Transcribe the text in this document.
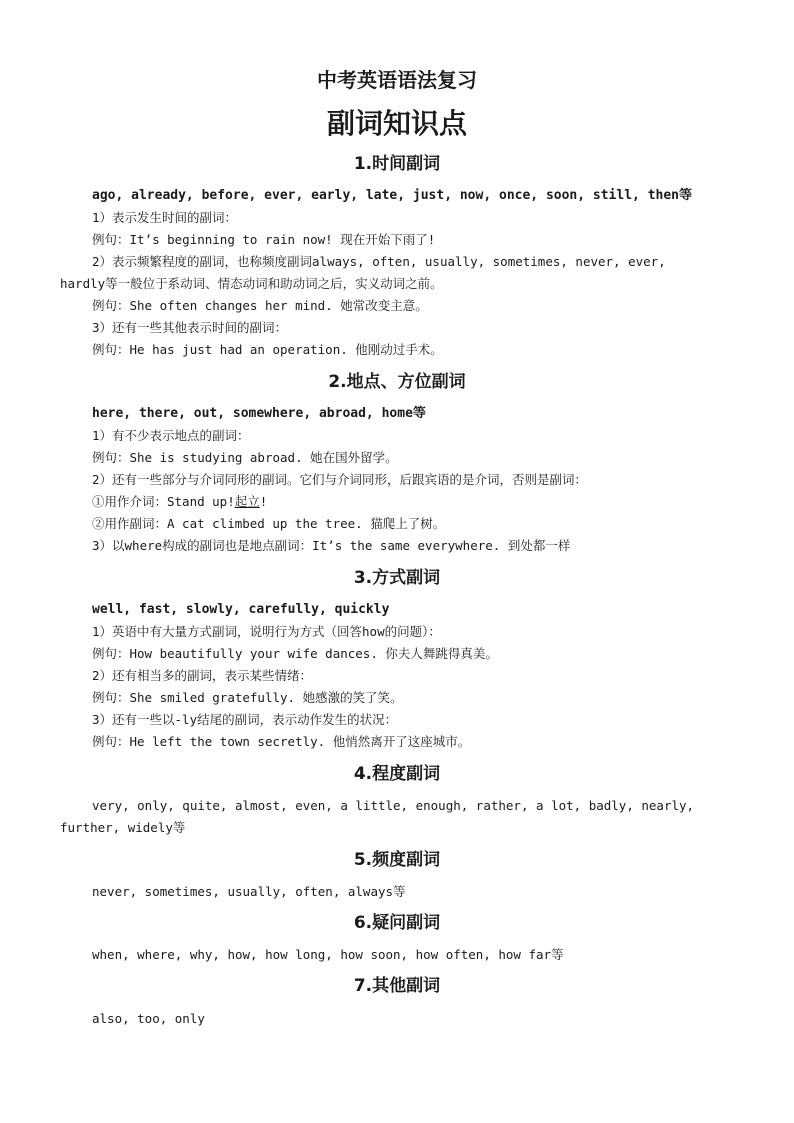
中考英语语法复习
副词知识点
1.时间副词
ago, already, before, ever, early, late, just, now, once, soon, still, then等
1）表示发生时间的副词：
例句：It’s beginning to rain now! 现在开始下雨了!
2）表示频繁程度的副词，也称频度副词always, often, usually, sometimes, never, ever,
hardly等一般位于系动词、情态动词和助动词之后，实义动词之前。
例句：She often changes her mind. 她常改变主意。
3）还有一些其他表示时间的副词：
例句：He has just had an operation. 他刚动过手术。
2.地点、方位副词
here, there, out, somewhere, abroad, home等
1）有不少表示地点的副词：
例句：She is studying abroad. 她在国外留学。
2）还有一些部分与介词同形的副词。它们与介词同形，后跟宾语的是介词，否则是副词：
①用作介词：Stand up!起立!
②用作副词：A cat climbed up the tree. 猫爬上了树。
3）以where构成的副词也是地点副词：It’s the same everywhere. 到处都一样
3.方式副词
well, fast, slowly, carefully, quickly
1）英语中有大量方式副词，说明行为方式（回答how的问题）：
例句：How beautifully your wife dances. 你夫人舞跳得真美。
2）还有相当多的副词，表示某些情绪：
例句：She smiled gratefully. 她感激的笑了笑。
3）还有一些以-ly结尾的副词，表示动作发生的状况：
例句：He left the town secretly. 他悄然离开了这座城市。
4.程度副词
very, only, quite, almost, even, a little, enough, rather, a lot, badly, nearly,
further, widely等
5.频度副词
never, sometimes, usually, often, always等
6.疑问副词
when, where, why, how, how long, how soon, how often, how far等
7.其他副词
also, too, only
